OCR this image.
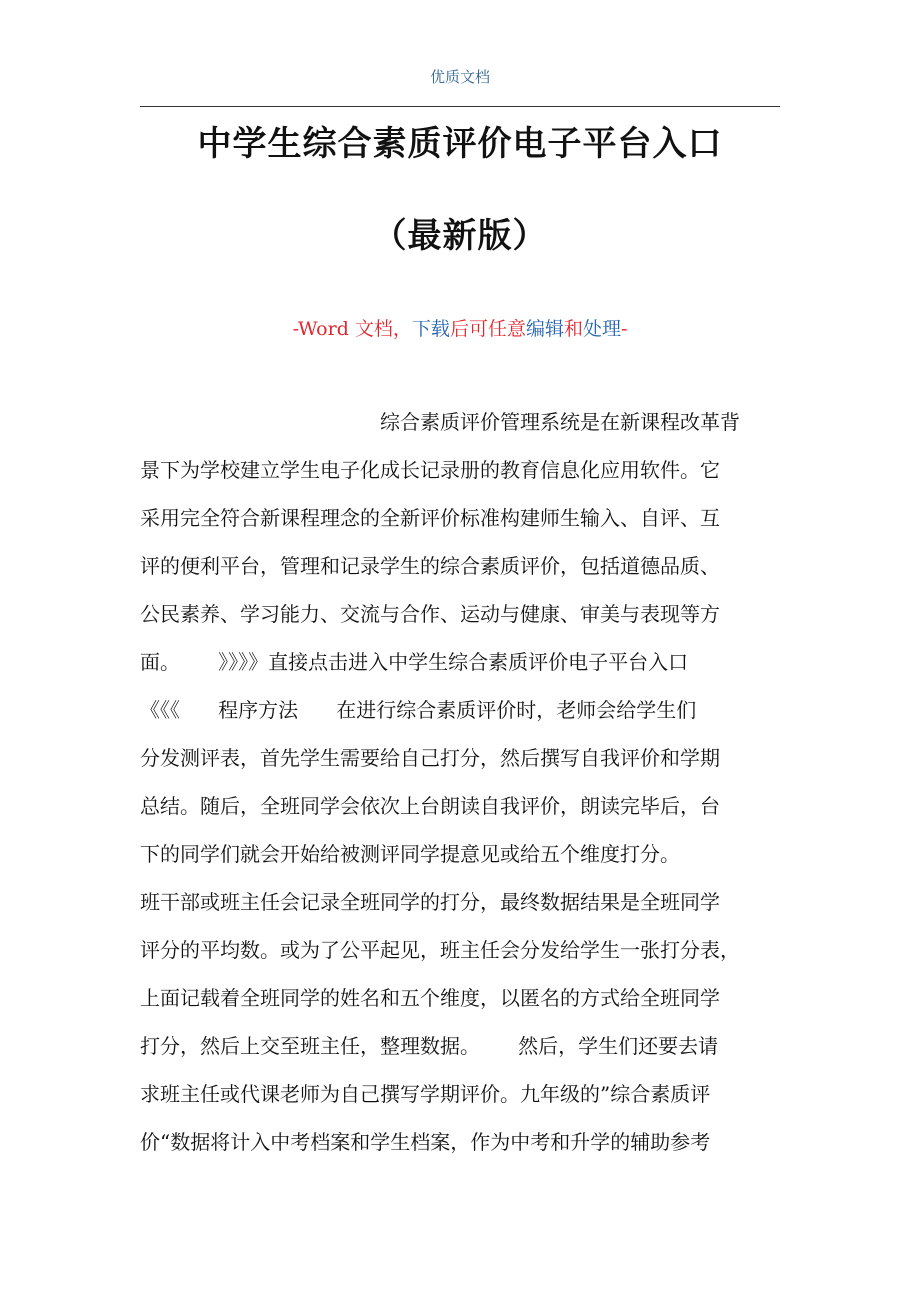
优质文档
中学生综合素质评价电子平台入口
（最新版）
-Word 文档，下载后可任意编辑和处理-
综合素质评价管理系统是在新课程改革背
景下为学校建立学生电子化成长记录册的教育信息化应用软件。它
采用完全符合新课程理念的全新评价标准构建师生输入、自评、互
评的便利平台，管理和记录学生的综合素质评价，包括道德品质、
公民素养、学习能力、交流与合作、运动与健康、审美与表现等方
面。      》》》》直接点击进入中学生综合素质评价电子平台入口
《《《      程序方法      在进行综合素质评价时，老师会给学生们
分发测评表，首先学生需要给自己打分，然后撰写自我评价和学期
总结。随后，全班同学会依次上台朗读自我评价，朗读完毕后，台
下的同学们就会开始给被测评同学提意见或给五个维度打分。
班干部或班主任会记录全班同学的打分，最终数据结果是全班同学
评分的平均数。或为了公平起见，班主任会分发给学生一张打分表，
上面记载着全班同学的姓名和五个维度，以匿名的方式给全班同学
打分，然后上交至班主任，整理数据。      然后，学生们还要去请
求班主任或代课老师为自己撰写学期评价。九年级的”综合素质评
价“数据将计入中考档案和学生档案，作为中考和升学的辅助参考
